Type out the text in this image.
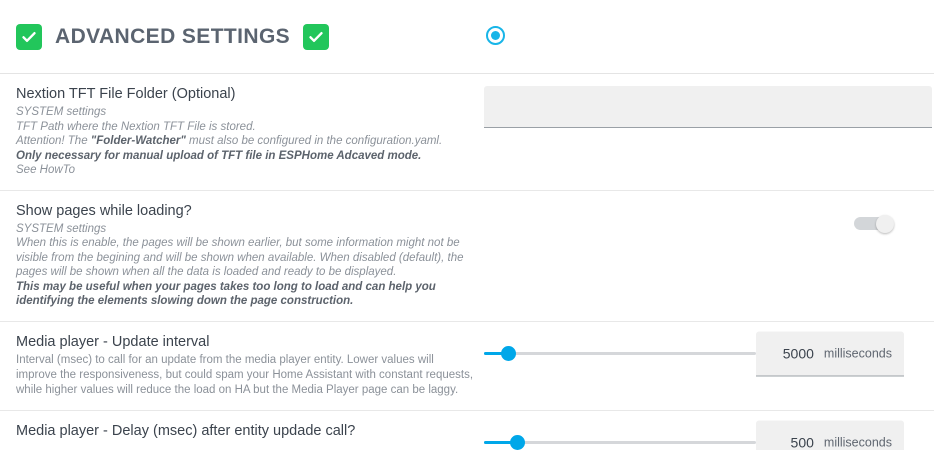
ADVANCED SETTINGS
Nextion TFT File Folder (Optional)
SYSTEM settings
TFT Path where the Nextion TFT File is stored.
Attention! The "Folder-Watcher" must also be configured in the configuration.yaml.
Only necessary for manual upload of TFT file in ESPHome Adcaved mode.
See HowTo
Show pages while loading?
SYSTEM settings
When this is enable, the pages will be shown earlier, but some information might not be visible from the begining and will be shown when available. When disabled (default), the pages will be shown when all the data is loaded and ready to be displayed.
This may be useful when your pages takes too long to load and can help you identifying the elements slowing down the page construction.
Media player - Update interval
Interval (msec) to call for an update from the media player entity. Lower values will improve the responsiveness, but could spam your Home Assistant with constant requests, while higher values will reduce the load on HA but the Media Player page can be laggy.
5000 milliseconds
Media player - Delay (msec) after entity updade call?
500 milliseconds
